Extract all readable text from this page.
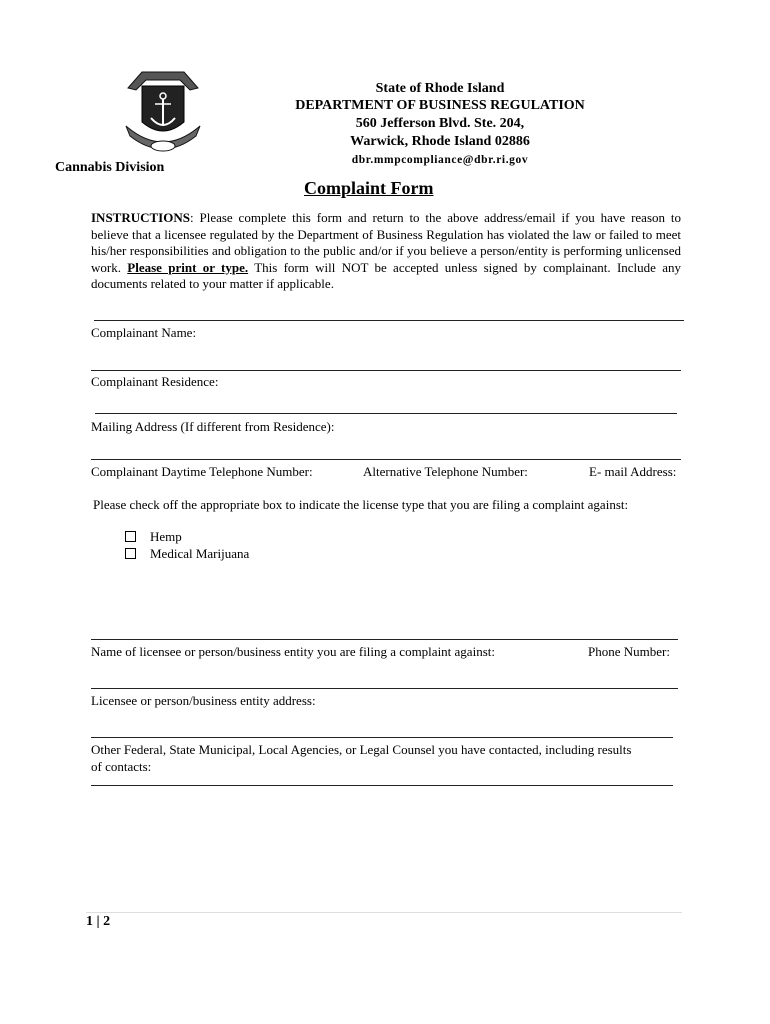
State of Rhode Island
DEPARTMENT OF BUSINESS REGULATION
560 Jefferson Blvd. Ste. 204,
Warwick, Rhode Island 02886
dbr.mmpcompliance@dbr.ri.gov
Cannabis Division
Complaint Form
INSTRUCTIONS: Please complete this form and return to the above address/email if you have reason to believe that a licensee regulated by the Department of Business Regulation has violated the law or failed to meet his/her responsibilities and obligation to the public and/or if you believe a person/entity is performing unlicensed work. Please print or type. This form will NOT be accepted unless signed by complainant. Include any documents related to your matter if applicable.
Complainant Name:
Complainant Residence:
Mailing Address (If different from Residence):
Complainant Daytime Telephone Number:	Alternative Telephone Number:	E- mail Address:
Please check off the appropriate box to indicate the license type that you are filing a complaint against:
Hemp
Medical Marijuana
Name of licensee or person/business entity you are filing a complaint against:	Phone Number:
Licensee or person/business entity address:
Other Federal, State Municipal, Local Agencies, or Legal Counsel you have contacted, including results
of contacts:
1 | 2
